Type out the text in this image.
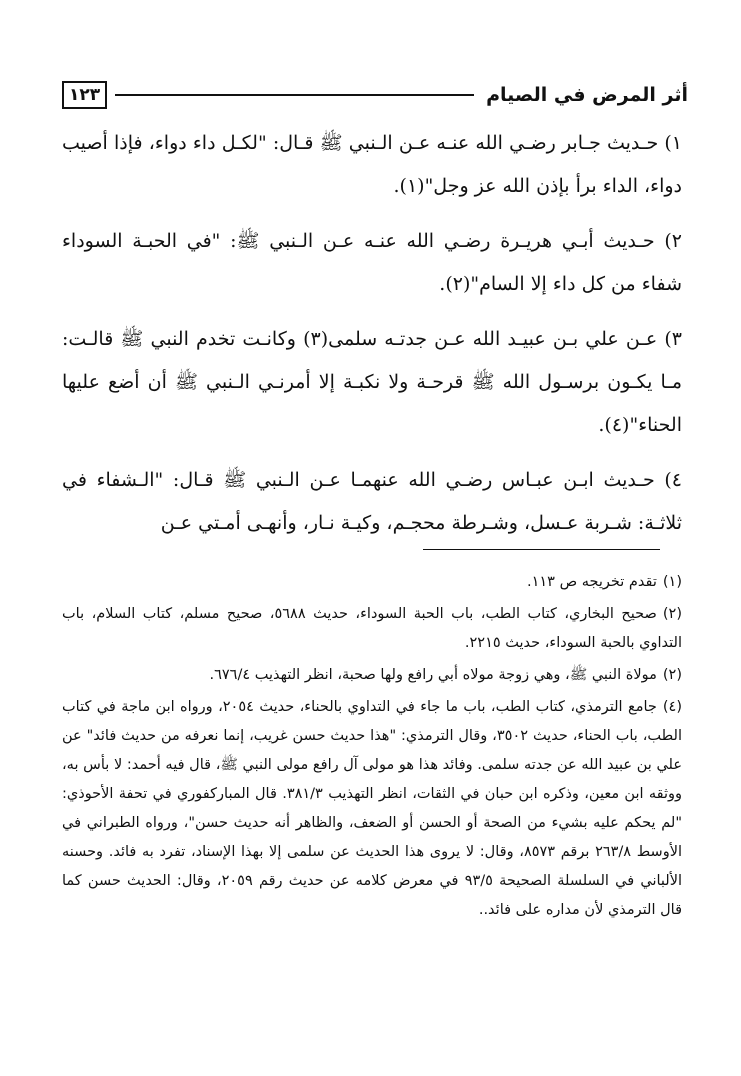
أثر المرض في الصيام
١٢٣

١) حـديث جـابر رضـي الله عنـه عـن الـنبي ﷺ قـال: "لكـل داء دواء، فإذا أصيب دواء، الداء برأ بإذن الله عز وجل"(١).

٢) حـديث أبـي هريـرة رضـي الله عنـه عـن الـنبي ﷺ: "في الحبـة السوداء شفاء من كل داء إلا السام"(٢).

٣) عـن علي بـن عبيـد الله عـن جدتـه سلمى(٣) وكانـت تخدم النبي ﷺ قالـت: مـا يكـون برسـول الله ﷺ قرحـة ولا نكبـة إلا أمرنـي الـنبي ﷺ أن أضع عليها الحناء"(٤).

٤) حـديث ابـن عبـاس رضـي الله عنهمـا عـن الـنبي ﷺ قـال: "الـشفاء في ثلاثـة: شـربة عـسل، وشـرطة محجـم، وكيـة نـار، وأنهـى أمـتي عـن

(١)تقدم تخريجه ص ١١٣.

(٢)صحيح البخاري، كتاب الطب، باب الحبة السوداء، حديث ٥٦٨٨، صحيح مسلم، كتاب السلام، باب التداوي بالحبة السوداء، حديث ٢٢١٥.

(٢)مولاة النبي ﷺ، وهي زوجة مولاه أبي رافع ولها صحبة، انظر التهذيب ٦٧٦/٤.

(٤)جامع الترمذي، كتاب الطب، باب ما جاء في التداوي بالحناء، حديث ٢٠٥٤، ورواه ابن ماجة في كتاب الطب، باب الحناء، حديث ٣٥٠٢، وقال الترمذي: "هذا حديث حسن غريب، إنما نعرفه من حديث فائد" عن علي بن عبيد الله عن جدته سلمى. وفائد هذا هو مولى آل رافع مولى النبي ﷺ، قال فيه أحمد: لا بأس به، ووثقه ابن معين، وذكره ابن حبان في الثقات، انظر التهذيب ٣٨١/٣. قال المباركفوري في تحفة الأحوذي: "لم يحكم عليه بشيء من الصحة أو الحسن أو الضعف، والظاهر أنه حديث حسن"، ورواه الطبراني في الأوسط ٢٦٣/٨ برقم ٨٥٧٣، وقال: لا يروى هذا الحديث عن سلمى إلا بهذا الإسناد، تفرد به فائد. وحسنه الألباني في السلسلة الصحيحة ٩٣/٥ في معرض كلامه عن حديث رقم ٢٠٥٩، وقال: الحديث حسن كما قال الترمذي لأن مداره على فائد..
